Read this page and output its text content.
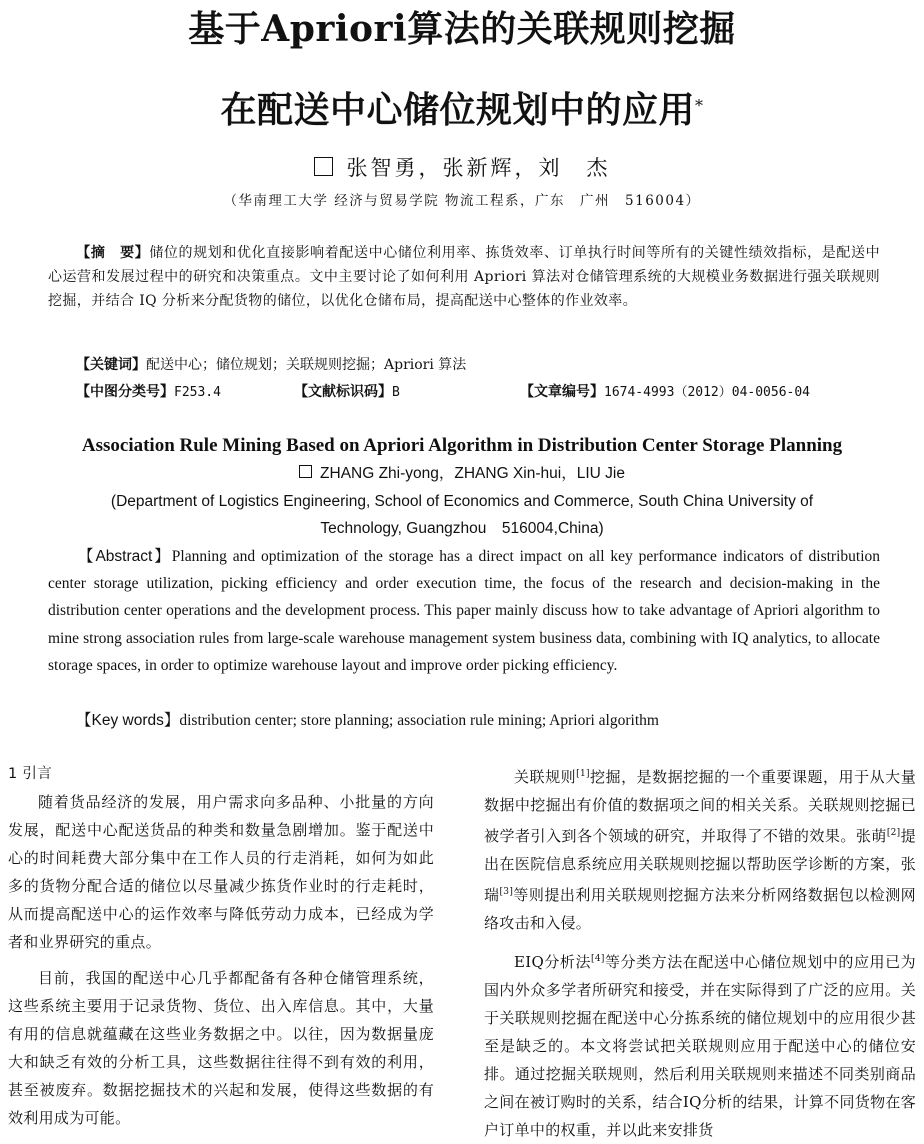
基于Apriori算法的关联规则挖掘
在配送中心储位规划中的应用*
张智勇，张新辉，刘　杰
（华南理工大学 经济与贸易学院 物流工程系，广东　广州　516004）
【摘　要】储位的规划和优化直接影响着配送中心储位利用率、拣货效率、订单执行时间等所有的关键性绩效指标，是配送中心运营和发展过程中的研究和决策重点。文中主要讨论了如何利用 Apriori 算法对仓储管理系统的大规模业务数据进行强关联规则挖掘，并结合 IQ 分析来分配货物的储位，以优化仓储布局，提高配送中心整体的作业效率。
【关键词】配送中心；储位规划；关联规则挖掘；Apriori 算法
【中图分类号】F253.4	【文献标识码】B	【文章编号】1674-4993（2012）04-0056-04
Association Rule Mining Based on Apriori Algorithm in Distribution Center Storage Planning
ZHANG Zhi-yong，ZHANG Xin-hui，LIU Jie
(Department of Logistics Engineering, School of Economics and Commerce, South China University of
Technology, Guangzhou　516004,China)
【Abstract】Planning and optimization of the storage has a direct impact on all key performance indicators of distribution center storage utilization, picking efficiency and order execution time, the focus of the research and decision-making in the distribution center operations and the development process. This paper mainly discuss how to take advantage of Apriori algorithm to mine strong association rules from large-scale warehouse management system business data, combining with IQ analytics, to allocate storage spaces, in order to optimize warehouse layout and improve order picking efficiency.
【Key words】distribution center; store planning; association rule mining; Apriori algorithm

1 引言

随着货品经济的发展，用户需求向多品种、小批量的方向发展，配送中心配送货品的种类和数量急剧增加。鉴于配送中心的时间耗费大部分集中在工作人员的行走消耗，如何为如此多的货物分配合适的储位以尽量减少拣货作业时的行走耗时，从而提高配送中心的运作效率与降低劳动力成本，已经成为学者和业界研究的重点。

目前，我国的配送中心几乎都配备有各种仓储管理系统，这些系统主要用于记录货物、货位、出入库信息。其中，大量有用的信息就蕴藏在这些业务数据之中。以往，因为数据量庞大和缺乏有效的分析工具，这些数据往往得不到有效的利用，甚至被废弃。数据挖掘技术的兴起和发展，使得这些数据的有效利用成为可能。

关联规则[1]挖掘，是数据挖掘的一个重要课题，用于从大量数据中挖掘出有价值的数据项之间的相关关系。关联规则挖掘已被学者引入到各个领域的研究，并取得了不错的效果。张萌[2]提出在医院信息系统应用关联规则挖掘以帮助医学诊断的方案，张瑞[3]等则提出利用关联规则挖掘方法来分析网络数据包以检测网络攻击和入侵。

EIQ分析法[4]等分类方法在配送中心储位规划中的应用已为国内外众多学者所研究和接受，并在实际得到了广泛的应用。关于关联规则挖掘在配送中心分拣系统的储位规划中的应用很少甚至是缺乏的。本文将尝试把关联规则应用于配送中心的储位安排。通过挖掘关联规则，然后利用关联规则来描述不同类别商品之间在被订购时的关系，结合IQ分析的结果，计算不同货物在客户订单中的权重，并以此来安排货
